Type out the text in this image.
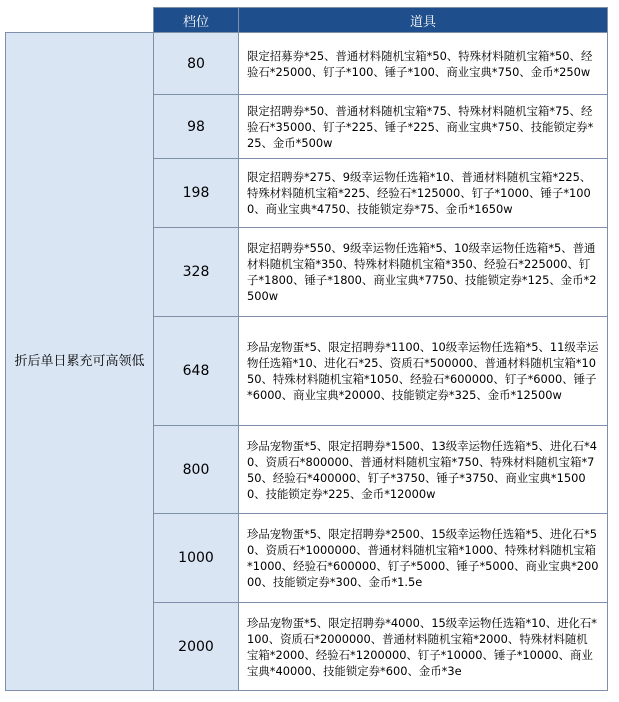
	档位	道具
折后单日累充可高领低	80	限定招募券*25、普通材料随机宝箱*50、特殊材料随机宝箱*50、经验石*25000、钉子*100、锤子*100、商业宝典*750、金币*250w
	98	限定招聘券*50、普通材料随机宝箱*75、特殊材料随机宝箱*75、经验石*35000、钉子*225、锤子*225、商业宝典*750、技能锁定券*25、金币*500w
	198	限定招聘券*275、9级幸运物任选箱*10、普通材料随机宝箱*225、特殊材料随机宝箱*225、经验石*125000、钉子*1000、锤子*1000、商业宝典*4750、技能锁定券*75、金币*1650w
	328	限定招聘券*550、9级幸运物任选箱*5、10级幸运物任选箱*5、普通材料随机宝箱*350、特殊材料随机宝箱*350、经验石*225000、钉子*1800、锤子*1800、商业宝典*7750、技能锁定券*125、金币*2500w
	648	珍品宠物蛋*5、限定招聘券*1100、10级幸运物任选箱*5、11级幸运物任选箱*10、进化石*25、资质石*500000、普通材料随机宝箱*1050、特殊材料随机宝箱*1050、经验石*600000、钉子*6000、锤子*6000、商业宝典*20000、技能锁定券*325、金币*12500w
	800	珍品宠物蛋*5、限定招聘券*1500、13级幸运物任选箱*5、进化石*40、资质石*800000、普通材料随机宝箱*750、特殊材料随机宝箱*750、经验石*400000、钉子*3750、锤子*3750、商业宝典*15000、技能锁定券*225、金币*12000w
	1000	珍品宠物蛋*5、限定招聘券*2500、15级幸运物任选箱*5、进化石*50、资质石*1000000、普通材料随机宝箱*1000、特殊材料随机宝箱*1000、经验石*600000、钉子*5000、锤子*5000、商业宝典*20000、技能锁定券*300、金币*1.5e
	2000	珍品宠物蛋*5、限定招聘券*4000、15级幸运物任选箱*10、进化石*100、资质石*2000000、普通材料随机宝箱*2000、特殊材料随机宝箱*2000、经验石*1200000、钉子*10000、锤子*10000、商业宝典*40000、技能锁定券*600、金币*3e
